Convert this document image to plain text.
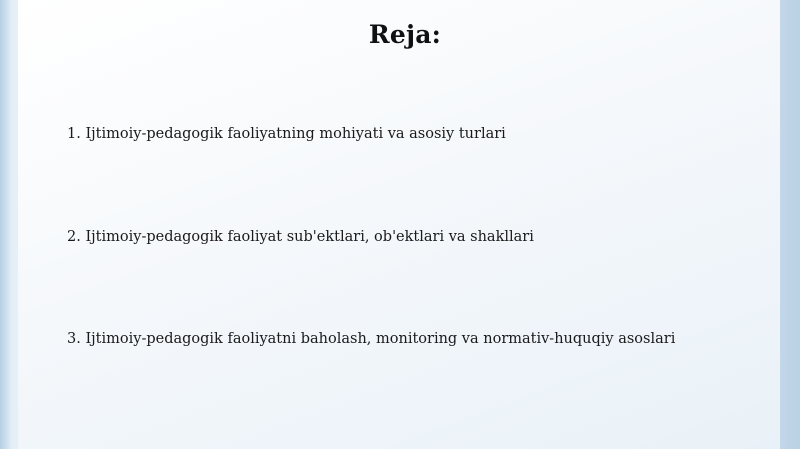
Reja:
1. Ijtimoiy-pedagogik faoliyatning mohiyati va asosiy turlari
2. Ijtimoiy-pedagogik faoliyat sub'ektlari, ob'ektlari va shakllari
3. Ijtimoiy-pedagogik faoliyatni baholash, monitoring va normativ-huquqiy asoslari
